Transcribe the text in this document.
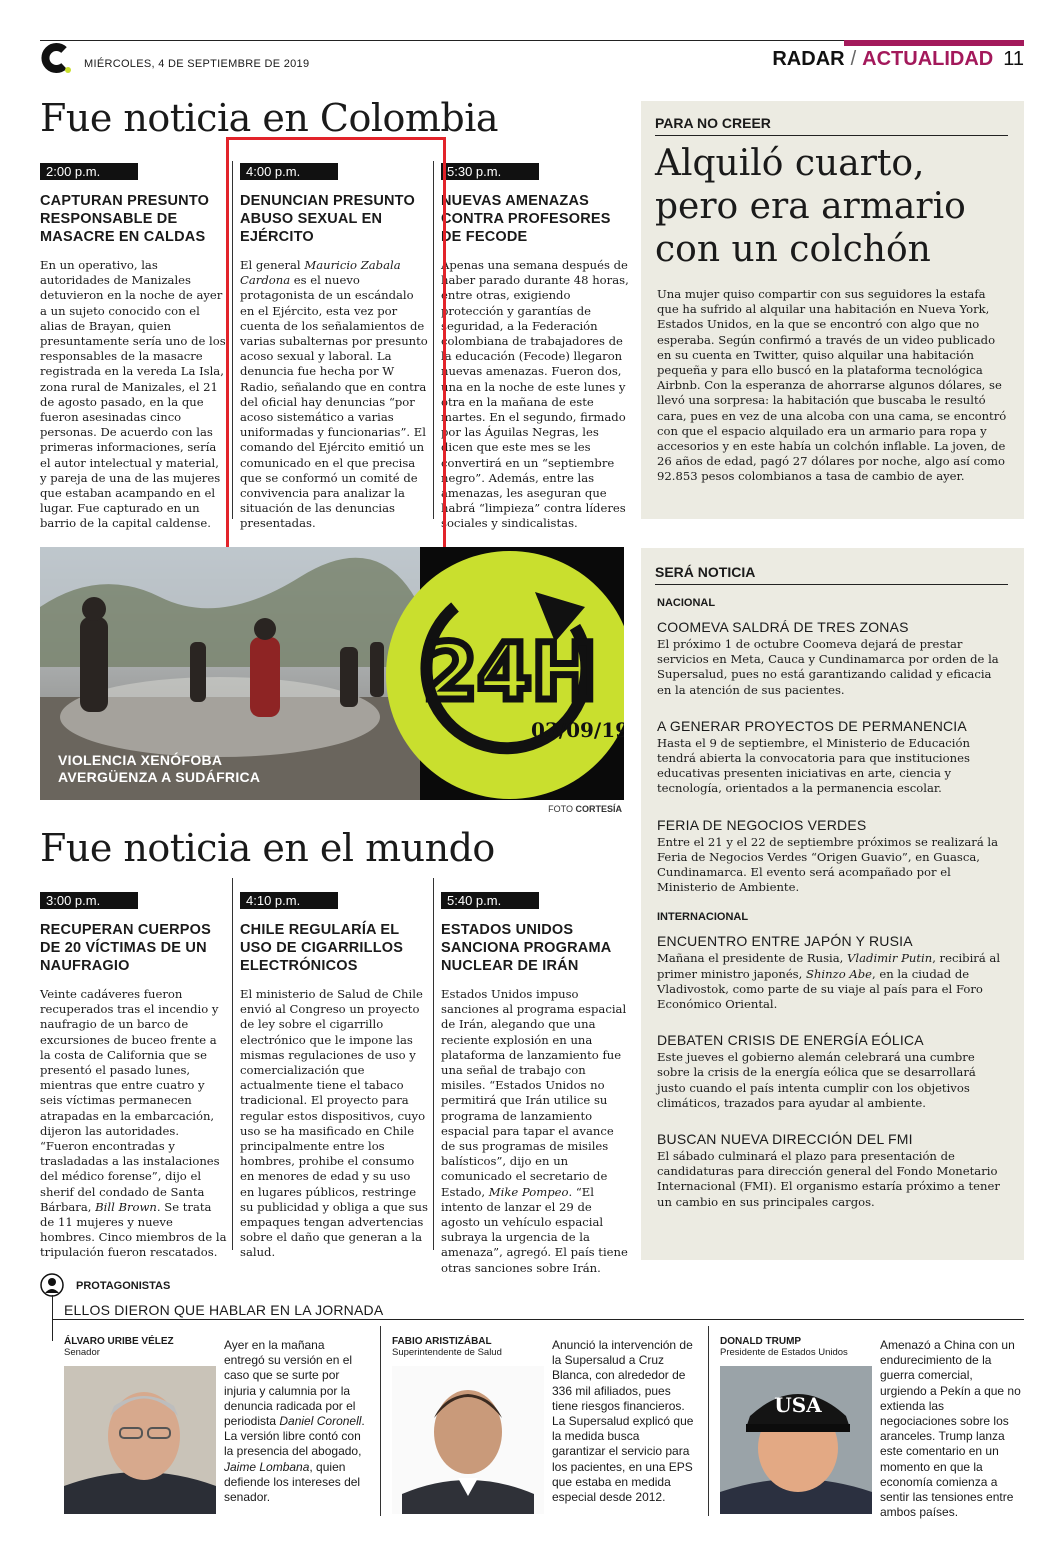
MIÉRCOLES, 4 DE SEPTIEMBRE DE 2019	RADAR / ACTUALIDAD 11
Fue noticia en Colombia
2:00 p.m.
CAPTURAN PRESUNTO RESPONSABLE DE MASACRE EN CALDAS
En un operativo, las autoridades de Manizales detuvieron en la noche de ayer a un sujeto conocido con el alias de Brayan, quien presuntamente sería uno de los responsables de la masacre registrada en la vereda La Isla, zona rural de Manizales, el 21 de agosto pasado, en la que fueron asesinadas cinco personas. De acuerdo con las primeras informaciones, sería el autor intelectual y material, y pareja de una de las mujeres que estaban acampando en el lugar. Fue capturado en un barrio de la capital caldense.
4:00 p.m.
DENUNCIAN PRESUNTO ABUSO SEXUAL EN EJÉRCITO
El general Mauricio Zabala Cardona es el nuevo protagonista de un escándalo en el Ejército, esta vez por cuenta de los señalamientos de varias subalternas por presunto acoso sexual y laboral. La denuncia fue hecha por W Radio, señalando que en contra del oficial hay denuncias “por acoso sistemático a varias uniformadas y funcionarias”. El comando del Ejército emitió un comunicado en el que precisa que se conformó un comité de convivencia para analizar la situación de las denuncias presentadas.
5:30 p.m.
NUEVAS AMENAZAS CONTRA PROFESORES DE FECODE
Apenas una semana después de haber parado durante 48 horas, entre otras, exigiendo protección y garantías de seguridad, a la Federación colombiana de trabajadores de la educación (Fecode) llegaron nuevas amenazas. Fueron dos, una en la noche de este lunes y otra en la mañana de este martes. En el segundo, firmado por las Águilas Negras, les dicen que este mes se les convertirá en un “septiembre negro”. Además, entre las amenazas, les aseguran que habrá “limpieza” contra líderes sociales y sindicalistas.
24H
03/09/19
VIOLENCIA XENÓFOBA
AVERGÜENZA A SUDÁFRICA
FOTO CORTESÍA
Fue noticia en el mundo
3:00 p.m.
RECUPERAN CUERPOS DE 20 VÍCTIMAS DE UN NAUFRAGIO
Veinte cadáveres fueron recuperados tras el incendio y naufragio de un barco de excursiones de buceo frente a la costa de California que se presentó el pasado lunes, mientras que entre cuatro y seis víctimas permanecen atrapadas en la embarcación, dijeron las autoridades. “Fueron encontradas y trasladadas a las instalaciones del médico forense”, dijo el sherif del condado de Santa Bárbara, Bill Brown. Se trata de 11 mujeres y nueve hombres. Cinco miembros de la tripulación fueron rescatados.
4:10 p.m.
CHILE REGULARÍA EL USO DE CIGARRILLOS ELECTRÓNICOS
El ministerio de Salud de Chile envió al Congreso un proyecto de ley sobre el cigarrillo electrónico que le impone las mismas regulaciones de uso y comercialización que actualmente tiene el tabaco tradicional. El proyecto para regular estos dispositivos, cuyo uso se ha masificado en Chile principalmente entre los hombres, prohibe el consumo en menores de edad y su uso en lugares públicos, restringe su publicidad y obliga a que sus empaques tengan advertencias sobre el daño que generan a la salud.
5:40 p.m.
ESTADOS UNIDOS SANCIONA PROGRAMA NUCLEAR DE IRÁN
Estados Unidos impuso sanciones al programa espacial de Irán, alegando que una reciente explosión en una plataforma de lanzamiento fue una señal de trabajo con misiles. “Estados Unidos no permitirá que Irán utilice su programa de lanzamiento espacial para tapar el avance de sus programas de misiles balísticos”, dijo en un comunicado el secretario de Estado, Mike Pompeo. “El intento de lanzar el 29 de agosto un vehículo espacial subraya la urgencia de la amenaza”, agregó. El país tiene otras sanciones sobre Irán.
PARA NO CREER
Alquiló cuarto,
pero era armario
con un colchón
Una mujer quiso compartir con sus seguidores la estafa que ha sufrido al alquilar una habitación en Nueva York, Estados Unidos, en la que se encontró con algo que no esperaba. Según confirmó a través de un video publicado en su cuenta en Twitter, quiso alquilar una habitación pequeña y para ello buscó en la plataforma tecnológica Airbnb. Con la esperanza de ahorrarse algunos dólares, se llevó una sorpresa: la habitación que buscaba le resultó cara, pues en vez de una alcoba con una cama, se encontró con que el espacio alquilado era un armario para ropa y accesorios y en este había un colchón inflable. La joven, de 26 años de edad, pagó 27 dólares por noche, algo así como 92.853 pesos colombianos a tasa de cambio de ayer.
SERÁ NOTICIA
NACIONAL
COOMEVA SALDRÁ DE TRES ZONAS
El próximo 1 de octubre Coomeva dejará de prestar servicios en Meta, Cauca y Cundinamarca por orden de la Supersalud, pues no está garantizando calidad y eficacia en la atención de sus pacientes.
A GENERAR PROYECTOS DE PERMANENCIA
Hasta el 9 de septiembre, el Ministerio de Educación tendrá abierta la convocatoria para que instituciones educativas presenten iniciativas en arte, ciencia y tecnología, orientados a la permanencia escolar.
FERIA DE NEGOCIOS VERDES
Entre el 21 y el 22 de septiembre próximos se realizará la Feria de Negocios Verdes “Origen Guavio”, en Guasca, Cundinamarca. El evento será acompañado por el Ministerio de Ambiente.
INTERNACIONAL
ENCUENTRO ENTRE JAPÓN Y RUSIA
Mañana el presidente de Rusia, Vladimir Putin, recibirá al primer ministro japonés, Shinzo Abe, en la ciudad de Vladivostok, como parte de su viaje al país para el Foro Económico Oriental.
DEBATEN CRISIS DE ENERGÍA EÓLICA
Este jueves el gobierno alemán celebrará una cumbre sobre la crisis de la energía eólica que se desarrollará justo cuando el país intenta cumplir con los objetivos climáticos, trazados para ayudar al ambiente.
BUSCAN NUEVA DIRECCIÓN DEL FMI
El sábado culminará el plazo para presentación de candidaturas para dirección general del Fondo Monetario Internacional (FMI). El organismo estaría próximo a tener un cambio en sus principales cargos.
PROTAGONISTAS
ELLOS DIERON QUE HABLAR EN LA JORNADA
ÁLVARO URIBE VÉLEZ
Senador
Ayer en la mañana entregó su versión en el caso que se surte por injuria y calumnia por la denuncia radicada por el periodista Daniel Coronell. La versión libre contó con la presencia del abogado, Jaime Lombana, quien defiende los intereses del senador.
FABIO ARISTIZÁBAL
Superintendente de Salud
Anunció la intervención de la Supersalud a Cruz Blanca, con alrededor de 336 mil afiliados, pues tiene riesgos financieros. La Supersalud explicó que la medida busca garantizar el servicio para los pacientes, en una EPS que estaba en medida especial desde 2012.
DONALD TRUMP
Presidente de Estados Unidos
USA
Amenazó a China con un endurecimiento de la guerra comercial, urgiendo a Pekín a que no extienda las negociaciones sobre los aranceles. Trump lanza este comentario en un momento en que la economía comienza a sentir las tensiones entre ambos países.
